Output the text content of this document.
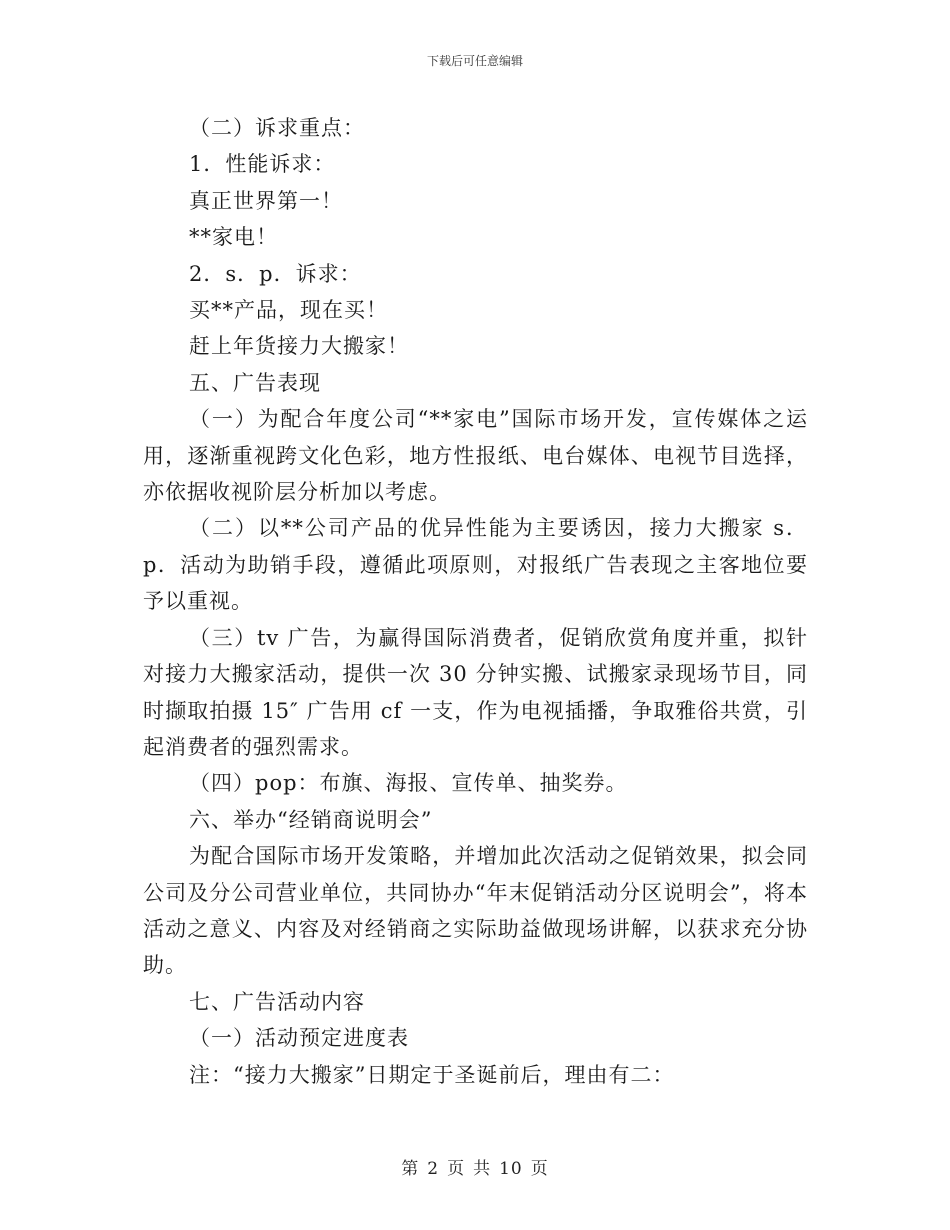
下载后可任意编辑

（二）诉求重点：

1．性能诉求：

真正世界第一！

**家电！

2．s．p．诉求：

买**产品，现在买！

赶上年货接力大搬家！

五、广告表现

（一）为配合年度公司“**家电”国际市场开发，宣传媒体之运用，逐渐重视跨文化色彩，地方性报纸、电台媒体、电视节目选择，亦依据收视阶层分析加以考虑。

（二）以**公司产品的优异性能为主要诱因，接力大搬家 s．p．活动为助销手段，遵循此项原则，对报纸广告表现之主客地位要予以重视。

（三）tv 广告，为赢得国际消费者，促销欣赏角度并重，拟针对接力大搬家活动，提供一次 30 分钟实搬、试搬家录现场节目，同时撷取拍摄 15″ 广告用 cf 一支，作为电视插播，争取雅俗共赏，引起消费者的强烈需求。

（四）pop：布旗、海报、宣传单、抽奖券。

六、举办“经销商说明会”

为配合国际市场开发策略，并增加此次活动之促销效果，拟会同公司及分公司营业单位，共同协办“年末促销活动分区说明会”，将本活动之意义、内容及对经销商之实际助益做现场讲解，以获求充分协助。

七、广告活动内容

（一）活动预定进度表

注：“接力大搬家”日期定于圣诞前后，理由有二：

第 2 页 共 10 页
